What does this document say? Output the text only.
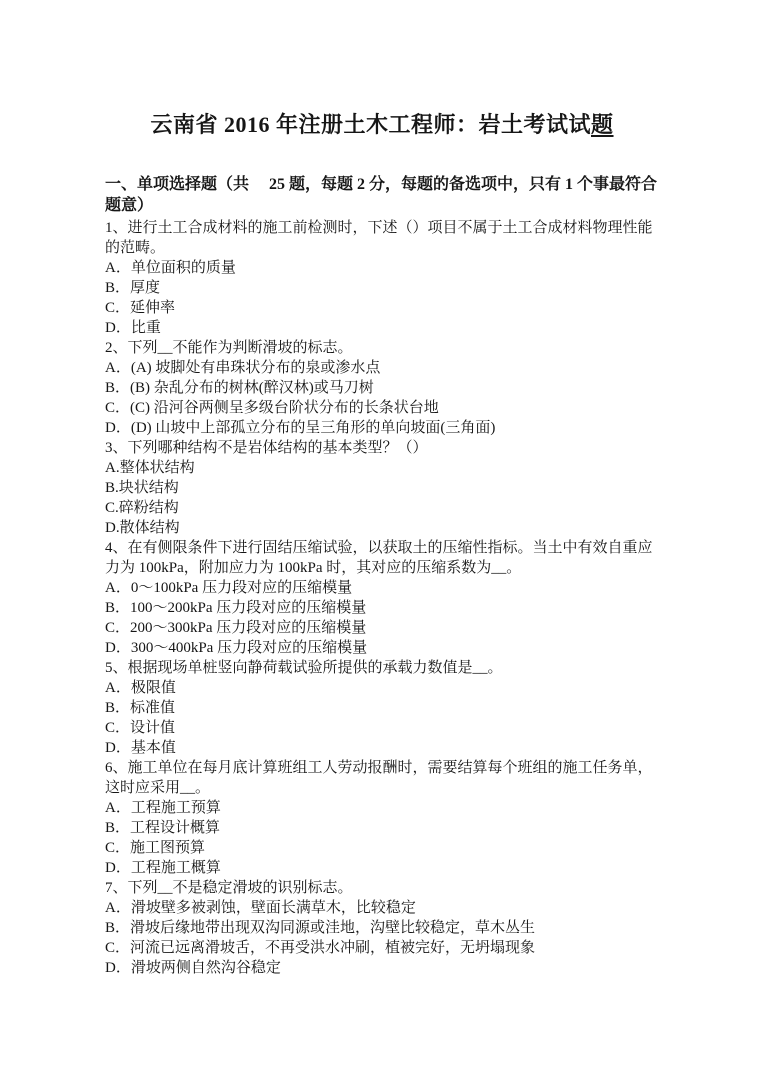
云南省 2016 年注册土木工程师：岩土考试试题

一、单项选择题（共　 25 题，每题 2 分，每题的备选项中，只有 1 个事最符合题意）

1、进行土工合成材料的施工前检测时，下述（）项目不属于土工合成材料物理性能的范畴。

A．单位面积的质量

B．厚度

C．延伸率

D．比重

2、下列__不能作为判断滑坡的标志。

A．(A) 坡脚处有串珠状分布的泉或渗水点

B．(B) 杂乱分布的树林(醉汉林)或马刀树

C．(C) 沿河谷两侧呈多级台阶状分布的长条状台地

D．(D) 山坡中上部孤立分布的呈三角形的单向坡面(三角面)

3、下列哪种结构不是岩体结构的基本类型？（）

A.整体状结构

B.块状结构

C.碎粉结构

D.散体结构

4、在有侧限条件下进行固结压缩试验，以获取土的压缩性指标。当土中有效自重应力为 100kPa，附加应力为 100kPa 时，其对应的压缩系数为__。

A．0～100kPa 压力段对应的压缩模量

B．100～200kPa 压力段对应的压缩模量

C．200～300kPa 压力段对应的压缩模量

D．300～400kPa 压力段对应的压缩模量

5、根据现场单桩竖向静荷载试验所提供的承载力数值是__。

A．极限值

B．标准值

C．设计值

D．基本值

6、施工单位在每月底计算班组工人劳动报酬时，需要结算每个班组的施工任务单，这时应采用__。

A．工程施工预算

B．工程设计概算

C．施工图预算

D．工程施工概算

7、下列__不是稳定滑坡的识别标志。

A．滑坡壁多被剥蚀，壁面长满草木，比较稳定

B．滑坡后缘地带出现双沟同源或洼地，沟壁比较稳定，草木丛生

C．河流已远离滑坡舌，不再受洪水冲刷，植被完好，无坍塌现象

D．滑坡两侧自然沟谷稳定
